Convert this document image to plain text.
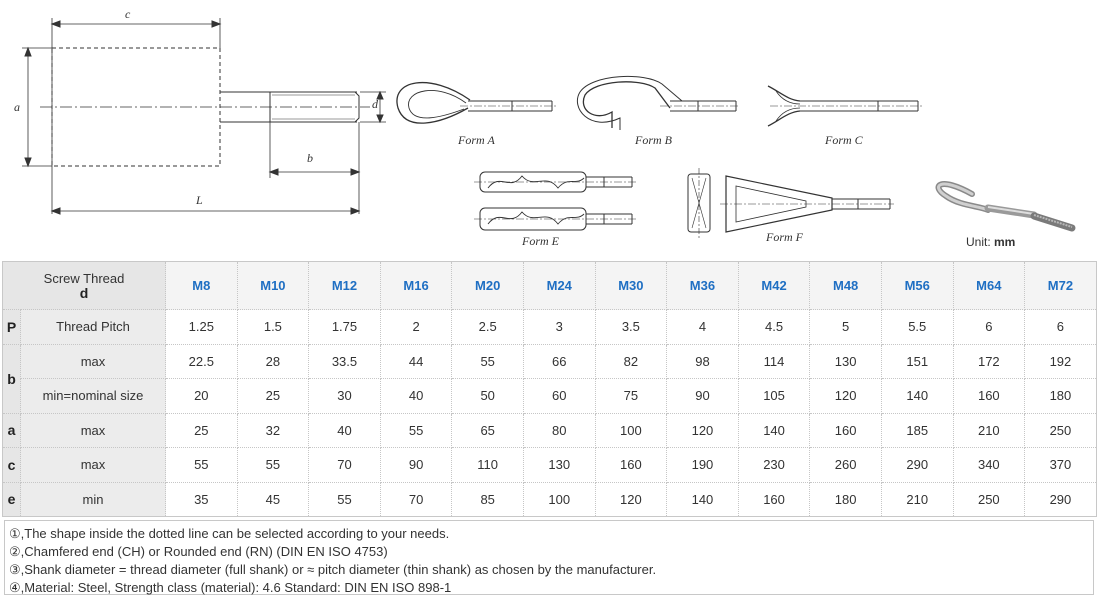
c
a	d
b
L
Form A	Form B	Form C
Form E	Form F	Unit: mm
Screw Thread
d		M8	M10	M12	M16	M20	M24	M30	M36	M42	M48	M56	M64	M72
P	Thread Pitch	1.25	1.5	1.75	2	2.5	3	3.5	4	4.5	5	5.5	6	6
b	max	22.5	28	33.5	44	55	66	82	98	114	130	151	172	192
	min=nominal size	20	25	30	40	50	60	75	90	105	120	140	160	180
a	max	25	32	40	55	65	80	100	120	140	160	185	210	250
c	max	55	55	70	90	110	130	160	190	230	260	290	340	370
e	min	35	45	55	70	85	100	120	140	160	180	210	250	290
①,The shape inside the dotted line can be selected according to your needs.
②,Chamfered end (CH) or Rounded end (RN) (DIN EN ISO 4753)
③,Shank diameter = thread diameter (full shank) or ≈ pitch diameter (thin shank) as chosen by the manufacturer.
④,Material: Steel, Strength class (material): 4.6 Standard: DIN EN ISO 898-1
